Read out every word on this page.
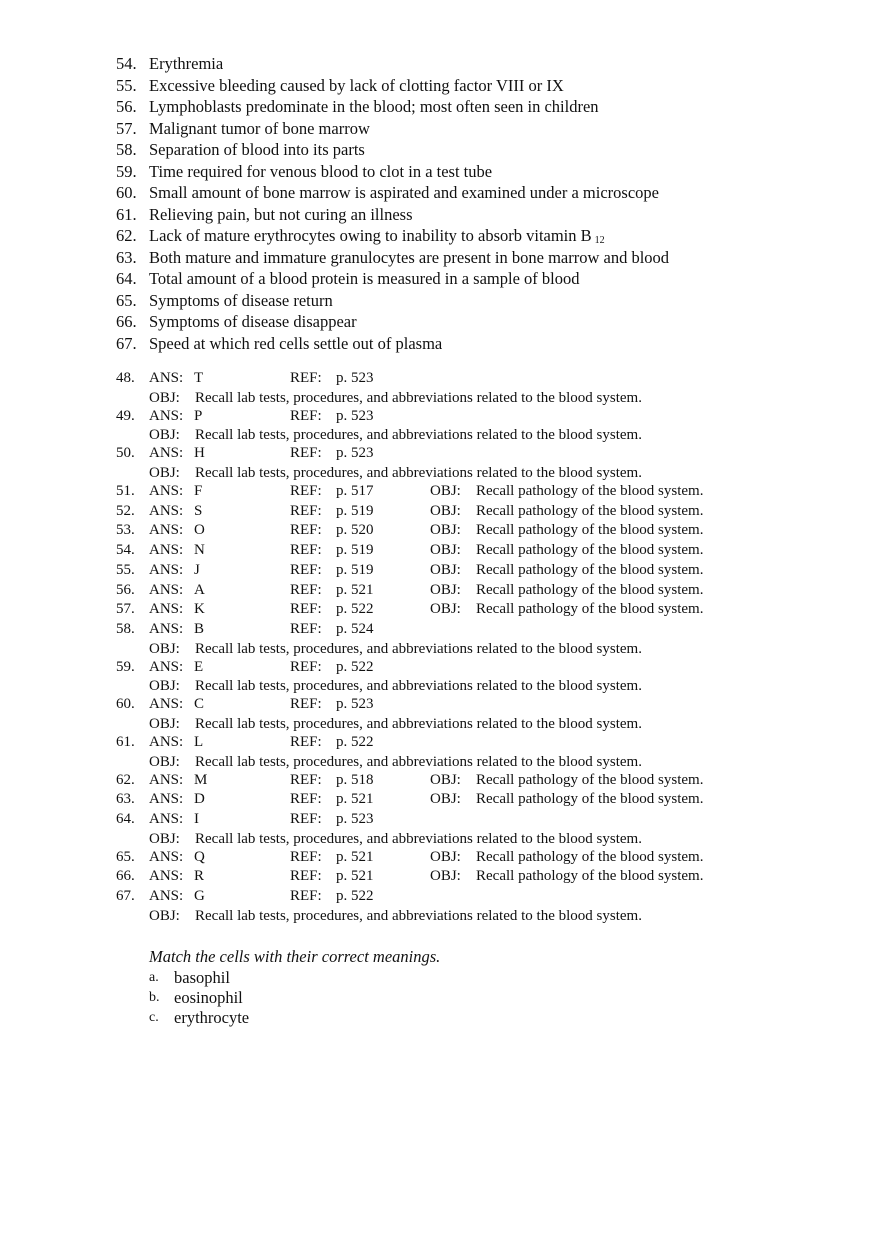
54. Erythremia
55. Excessive bleeding caused by lack of clotting factor VIII or IX
56. Lymphoblasts predominate in the blood; most often seen in children
57. Malignant tumor of bone marrow
58. Separation of blood into its parts
59. Time required for venous blood to clot in a test tube
60. Small amount of bone marrow is aspirated and examined under a microscope
61. Relieving pain, but not curing an illness
62. Lack of mature erythrocytes owing to inability to absorb vitamin B $_{12}$
63. Both mature and immature granulocytes are present in bone marrow and blood
64. Total amount of a blood protein is measured in a sample of blood
65. Symptoms of disease return
66. Symptoms of disease disappear
67. Speed at which red cells settle out of plasma
48. ANS: T	REF: p. 523
OBJ: Recall lab tests, procedures, and abbreviations related to the blood system.
49. ANS: P	REF: p. 523
OBJ: Recall lab tests, procedures, and abbreviations related to the blood system.
50. ANS: H	REF: p. 523
OBJ: Recall lab tests, procedures, and abbreviations related to the blood system.
51. ANS: F	REF: p. 517	OBJ: Recall pathology of the blood system.
52. ANS: S	REF: p. 519	OBJ: Recall pathology of the blood system.
53. ANS: O	REF: p. 520	OBJ: Recall pathology of the blood system.
54. ANS: N	REF: p. 519	OBJ: Recall pathology of the blood system.
55. ANS: J	REF: p. 519	OBJ: Recall pathology of the blood system.
56. ANS: A	REF: p. 521	OBJ: Recall pathology of the blood system.
57. ANS: K	REF: p. 522	OBJ: Recall pathology of the blood system.
58. ANS: B	REF: p. 524
OBJ: Recall lab tests, procedures, and abbreviations related to the blood system.
59. ANS: E	REF: p. 522
OBJ: Recall lab tests, procedures, and abbreviations related to the blood system.
60. ANS: C	REF: p. 523
OBJ: Recall lab tests, procedures, and abbreviations related to the blood system.
61. ANS: L	REF: p. 522
OBJ: Recall lab tests, procedures, and abbreviations related to the blood system.
62. ANS: M	REF: p. 518	OBJ: Recall pathology of the blood system.
63. ANS: D	REF: p. 521	OBJ: Recall pathology of the blood system.
64. ANS: I	REF: p. 523
OBJ: Recall lab tests, procedures, and abbreviations related to the blood system.
65. ANS: Q	REF: p. 521	OBJ: Recall pathology of the blood system.
66. ANS: R	REF: p. 521	OBJ: Recall pathology of the blood system.
67. ANS: G	REF: p. 522
OBJ: Recall lab tests, procedures, and abbreviations related to the blood system.
Match the cells with their correct meanings.
a. basophil
b. eosinophil
c. erythrocyte
